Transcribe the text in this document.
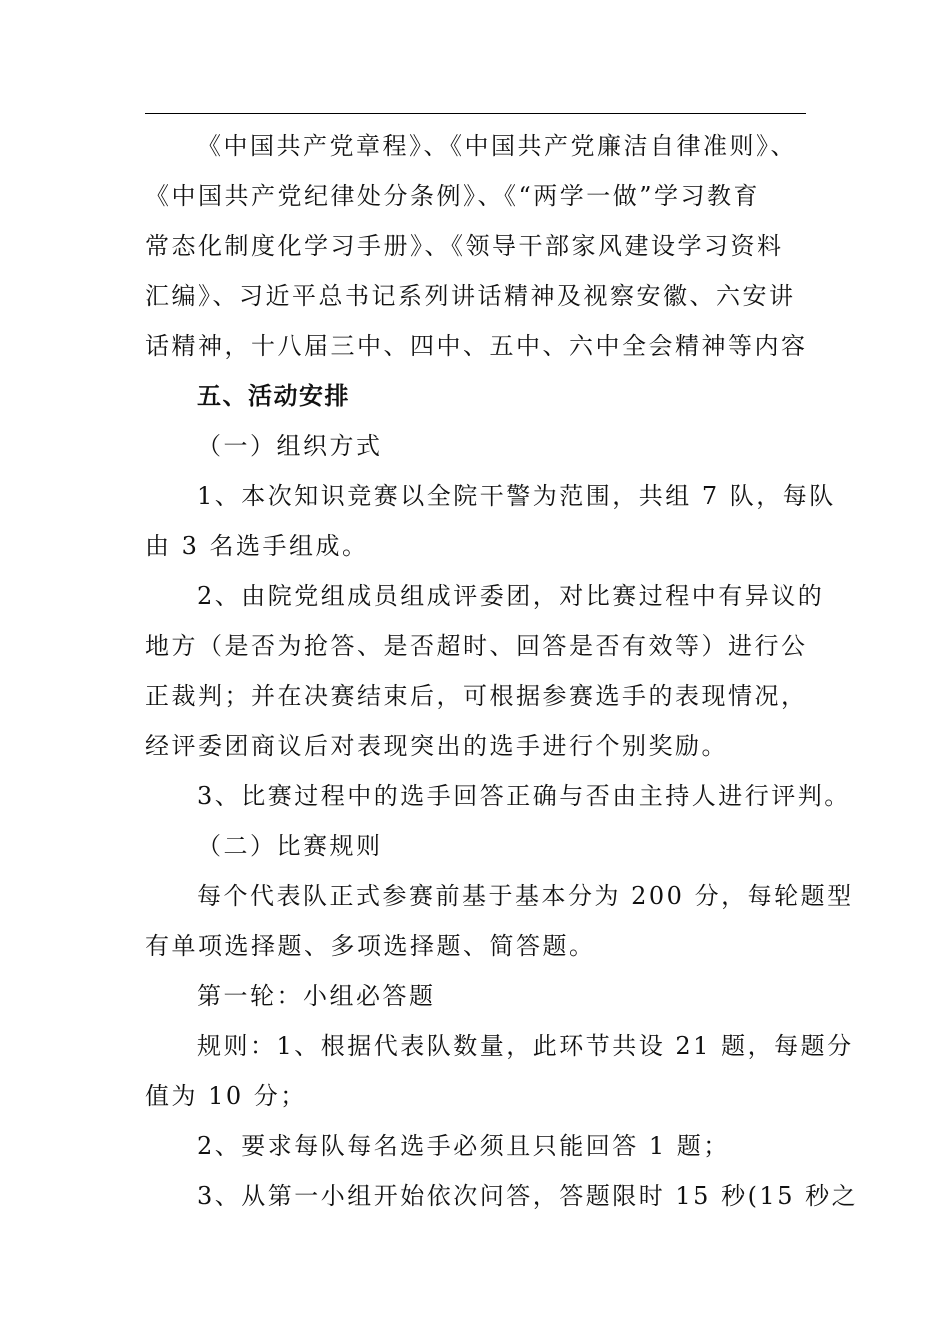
《中国共产党章程》、《中国共产党廉洁自律准则》、

《中国共产党纪律处分条例》、《“两学一做”学习教育

常态化制度化学习手册》、《领导干部家风建设学习资料

汇编》、习近平总书记系列讲话精神及视察安徽、六安讲

话精神，十八届三中、四中、五中、六中全会精神等内容

五、活动安排

（一）组织方式

1、本次知识竞赛以全院干警为范围，共组 7 队，每队

由 3 名选手组成。

2、由院党组成员组成评委团，对比赛过程中有异议的

地方（是否为抢答、是否超时、回答是否有效等）进行公

正裁判；并在决赛结束后，可根据参赛选手的表现情况，

经评委团商议后对表现突出的选手进行个别奖励。

3、比赛过程中的选手回答正确与否由主持人进行评判。

（二）比赛规则

每个代表队正式参赛前基于基本分为 200 分，每轮题型

有单项选择题、多项选择题、简答题。

第一轮：小组必答题

规则：1、根据代表队数量，此环节共设 21 题，每题分

值为 10 分；

2、要求每队每名选手必须且只能回答 1 题；

3、从第一小组开始依次问答，答题限时 15 秒(15 秒之
